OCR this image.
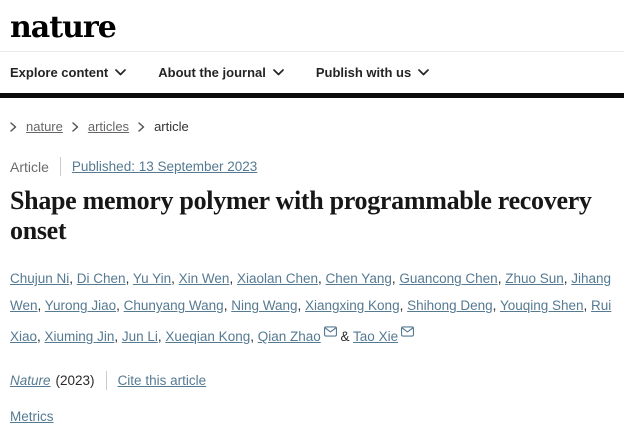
nature
Explore content	About the journal	Publish with us
nature articles article
Article Published: 13 September 2023
Shape memory polymer with programmable recovery onset

Chujun Ni, Di Chen, Yu Yin, Xin Wen, Xiaolan Chen, Chen Yang, Guancong Chen, Zhuo Sun, Jihang Wen, Yurong Jiao, Chunyang Wang, Ning Wang, Xiangxing Kong, Shihong Deng, Youqing Shen, Rui Xiao, Xiuming Jin, Jun Li, Xueqian Kong, Qian Zhao & Tao Xie

Nature (2023) Cite this article

Metrics
